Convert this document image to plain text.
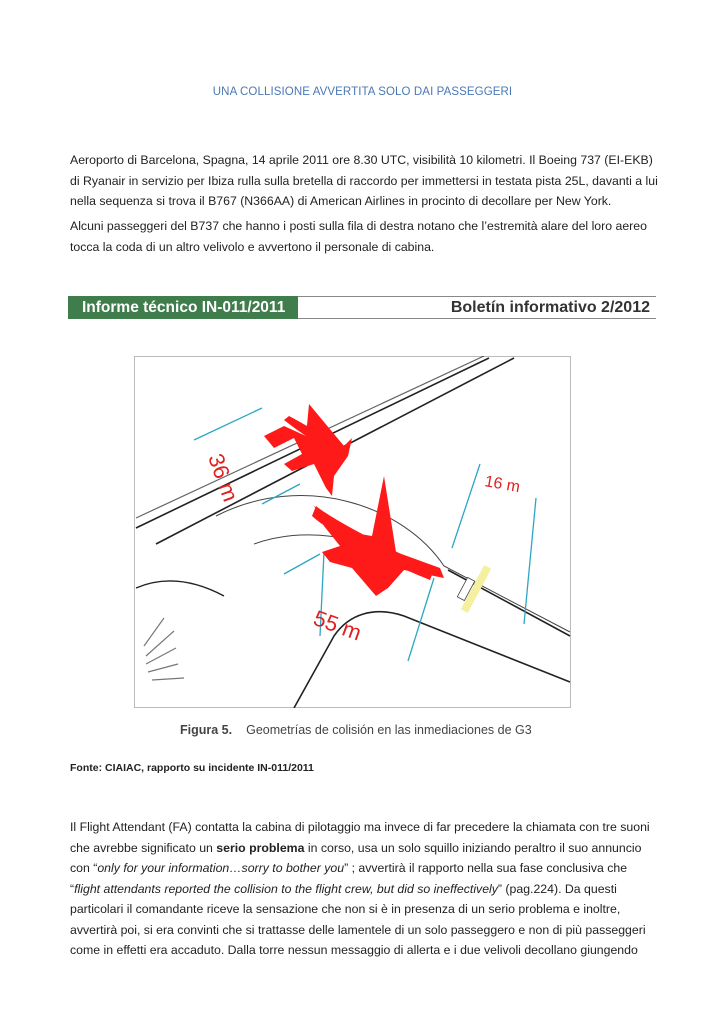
UNA COLLISIONE AVVERTITA SOLO DAI PASSEGGERI

Aeroporto di Barcelona, Spagna, 14 aprile 2011 ore 8.30 UTC, visibilità 10 kilometri. Il Boeing 737 (EI-EKB) di Ryanair in servizio per Ibiza rulla sulla bretella di raccordo per immettersi in testata pista 25L, davanti a lui nella sequenza si trova il B767 (N366AA) di American Airlines in procinto di decollare per New York.

Alcuni passeggeri del B737 che hanno i posti sulla fila di destra notano che l’estremità alare del loro aereo tocca la coda di un altro velivolo e avvertono il personale di cabina.

Informe técnico IN-011/2011	Boletín informativo 2/2012
36 m	16 m
55 m
Figura 5. Geometrías de colisión en las inmediaciones de G3
Fonte: CIAIAC, rapporto su incidente IN-011/2011

Il Flight Attendant (FA) contatta la cabina di pilotaggio ma invece di far precedere la chiamata con tre suoni che avrebbe significato un serio problema in corso, usa un solo squillo iniziando peraltro il suo annuncio con “only for your information…sorry to bother you” ; avvertirà il rapporto nella sua fase conclusiva che “flight attendants reported the collision to the flight crew, but did so ineffectively” (pag.224). Da questi particolari il comandante riceve la sensazione che non si è in presenza di un serio problema e inoltre, avvertirà poi, si era convinti che si trattasse delle lamentele di un solo passeggero e non di più passeggeri come in effetti era accaduto. Dalla torre nessun messaggio di allerta e i due velivoli decollano giungendo
